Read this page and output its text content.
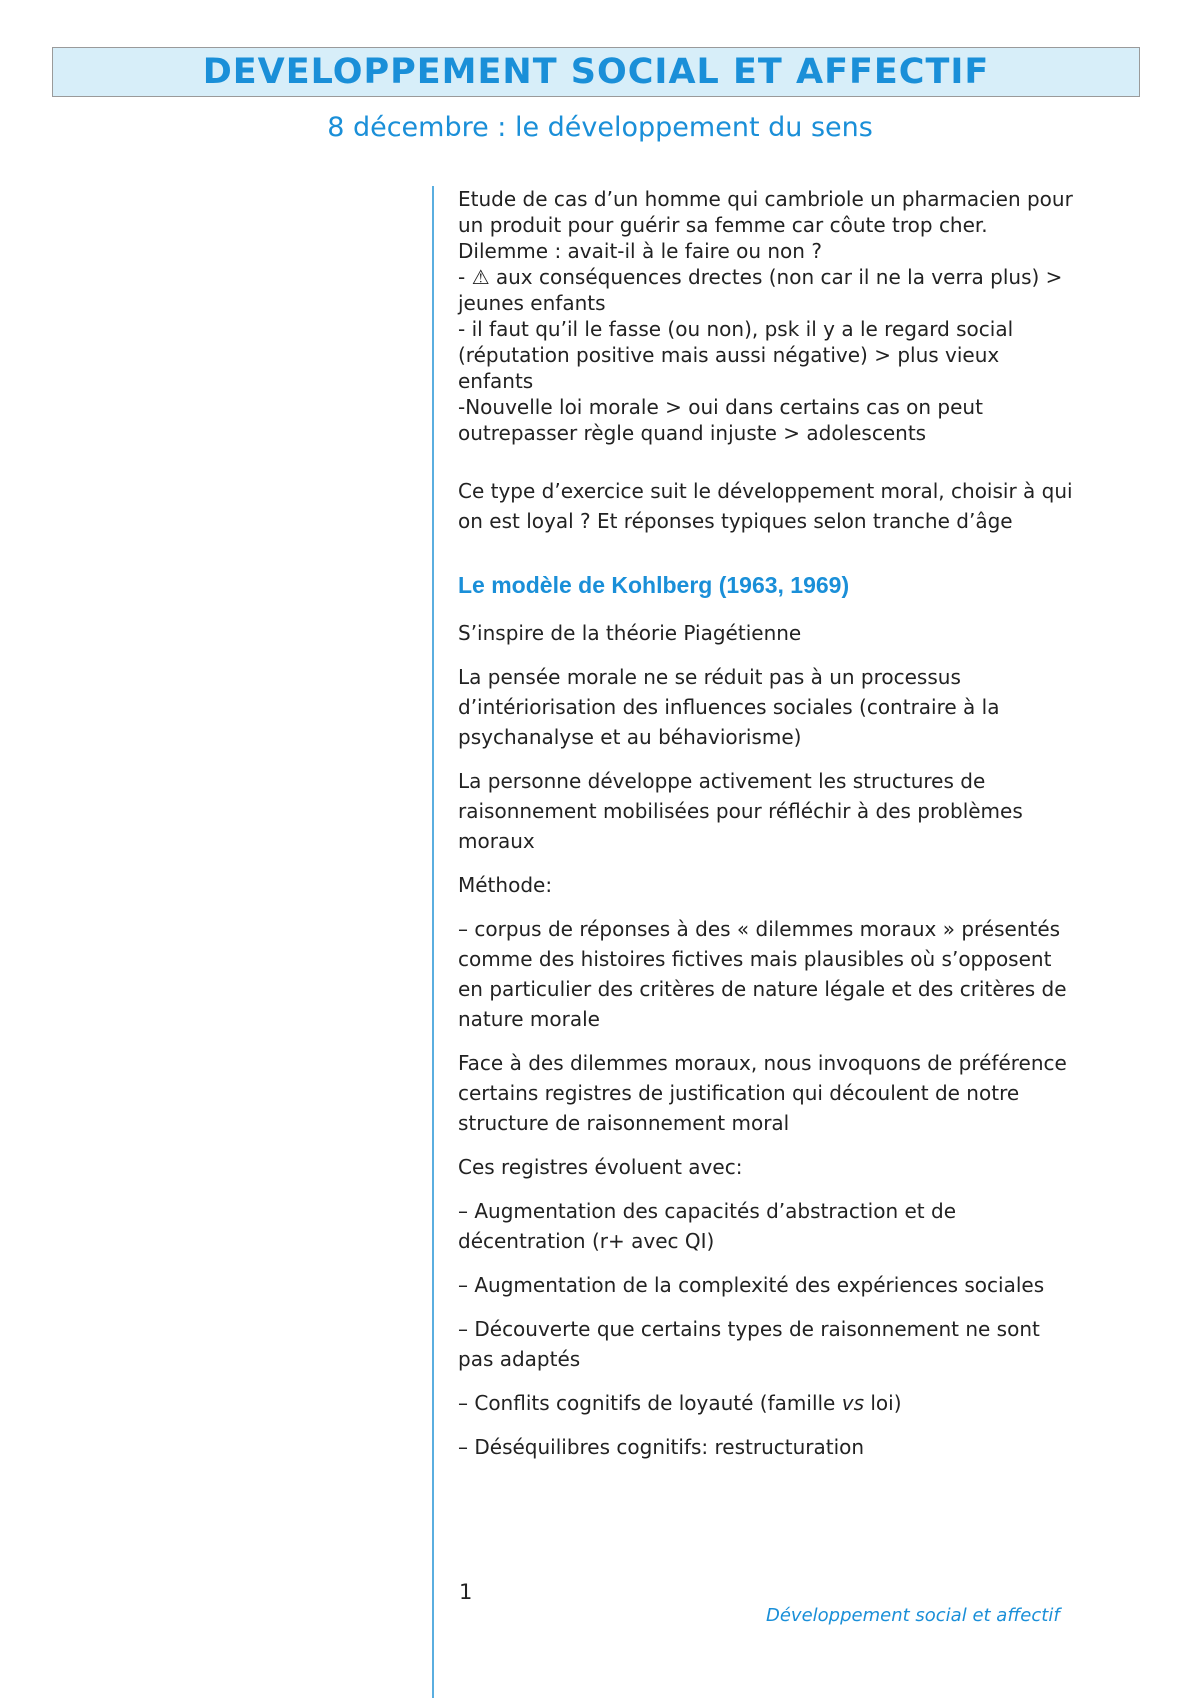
DEVELOPPEMENT SOCIAL ET AFFECTIF
8 décembre : le développement du sens

Etude de cas d’un homme qui cambriole un pharmacien pour
un produit pour guérir sa femme car côute trop cher.
Dilemme : avait-il à le faire ou non ?
- ⚠ aux conséquences drectes (non car il ne la verra plus) >
jeunes enfants
- il faut qu’il le fasse (ou non), psk il y a le regard social
(réputation positive mais aussi négative) > plus vieux
enfants
-Nouvelle loi morale > oui dans certains cas on peut
outrepasser règle quand injuste > adolescents

Ce type d’exercice suit le développement moral, choisir à qui
on est loyal ? Et réponses typiques selon tranche d’âge

Le modèle de Kohlberg (1963, 1969)

S’inspire de la théorie Piagétienne

La pensée morale ne se réduit pas à un processus
d’intériorisation des influences sociales (contraire à la
psychanalyse et au béhaviorisme)

La personne développe activement les structures de
raisonnement mobilisées pour réfléchir à des problèmes
moraux

Méthode:

– corpus de réponses à des « dilemmes moraux » présentés
comme des histoires fictives mais plausibles où s’opposent
en particulier des critères de nature légale et des critères de
nature morale

Face à des dilemmes moraux, nous invoquons de préférence
certains registres de justification qui découlent de notre
structure de raisonnement moral

Ces registres évoluent avec:

– Augmentation des capacités d’abstraction et de
décentration (r+ avec QI)

– Augmentation de la complexité des expériences sociales

– Découverte que certains types de raisonnement ne sont
pas adaptés

– Conflits cognitifs de loyauté (famille vs loi)

– Déséquilibres cognitifs: restructuration

1
Développement social et affectif
